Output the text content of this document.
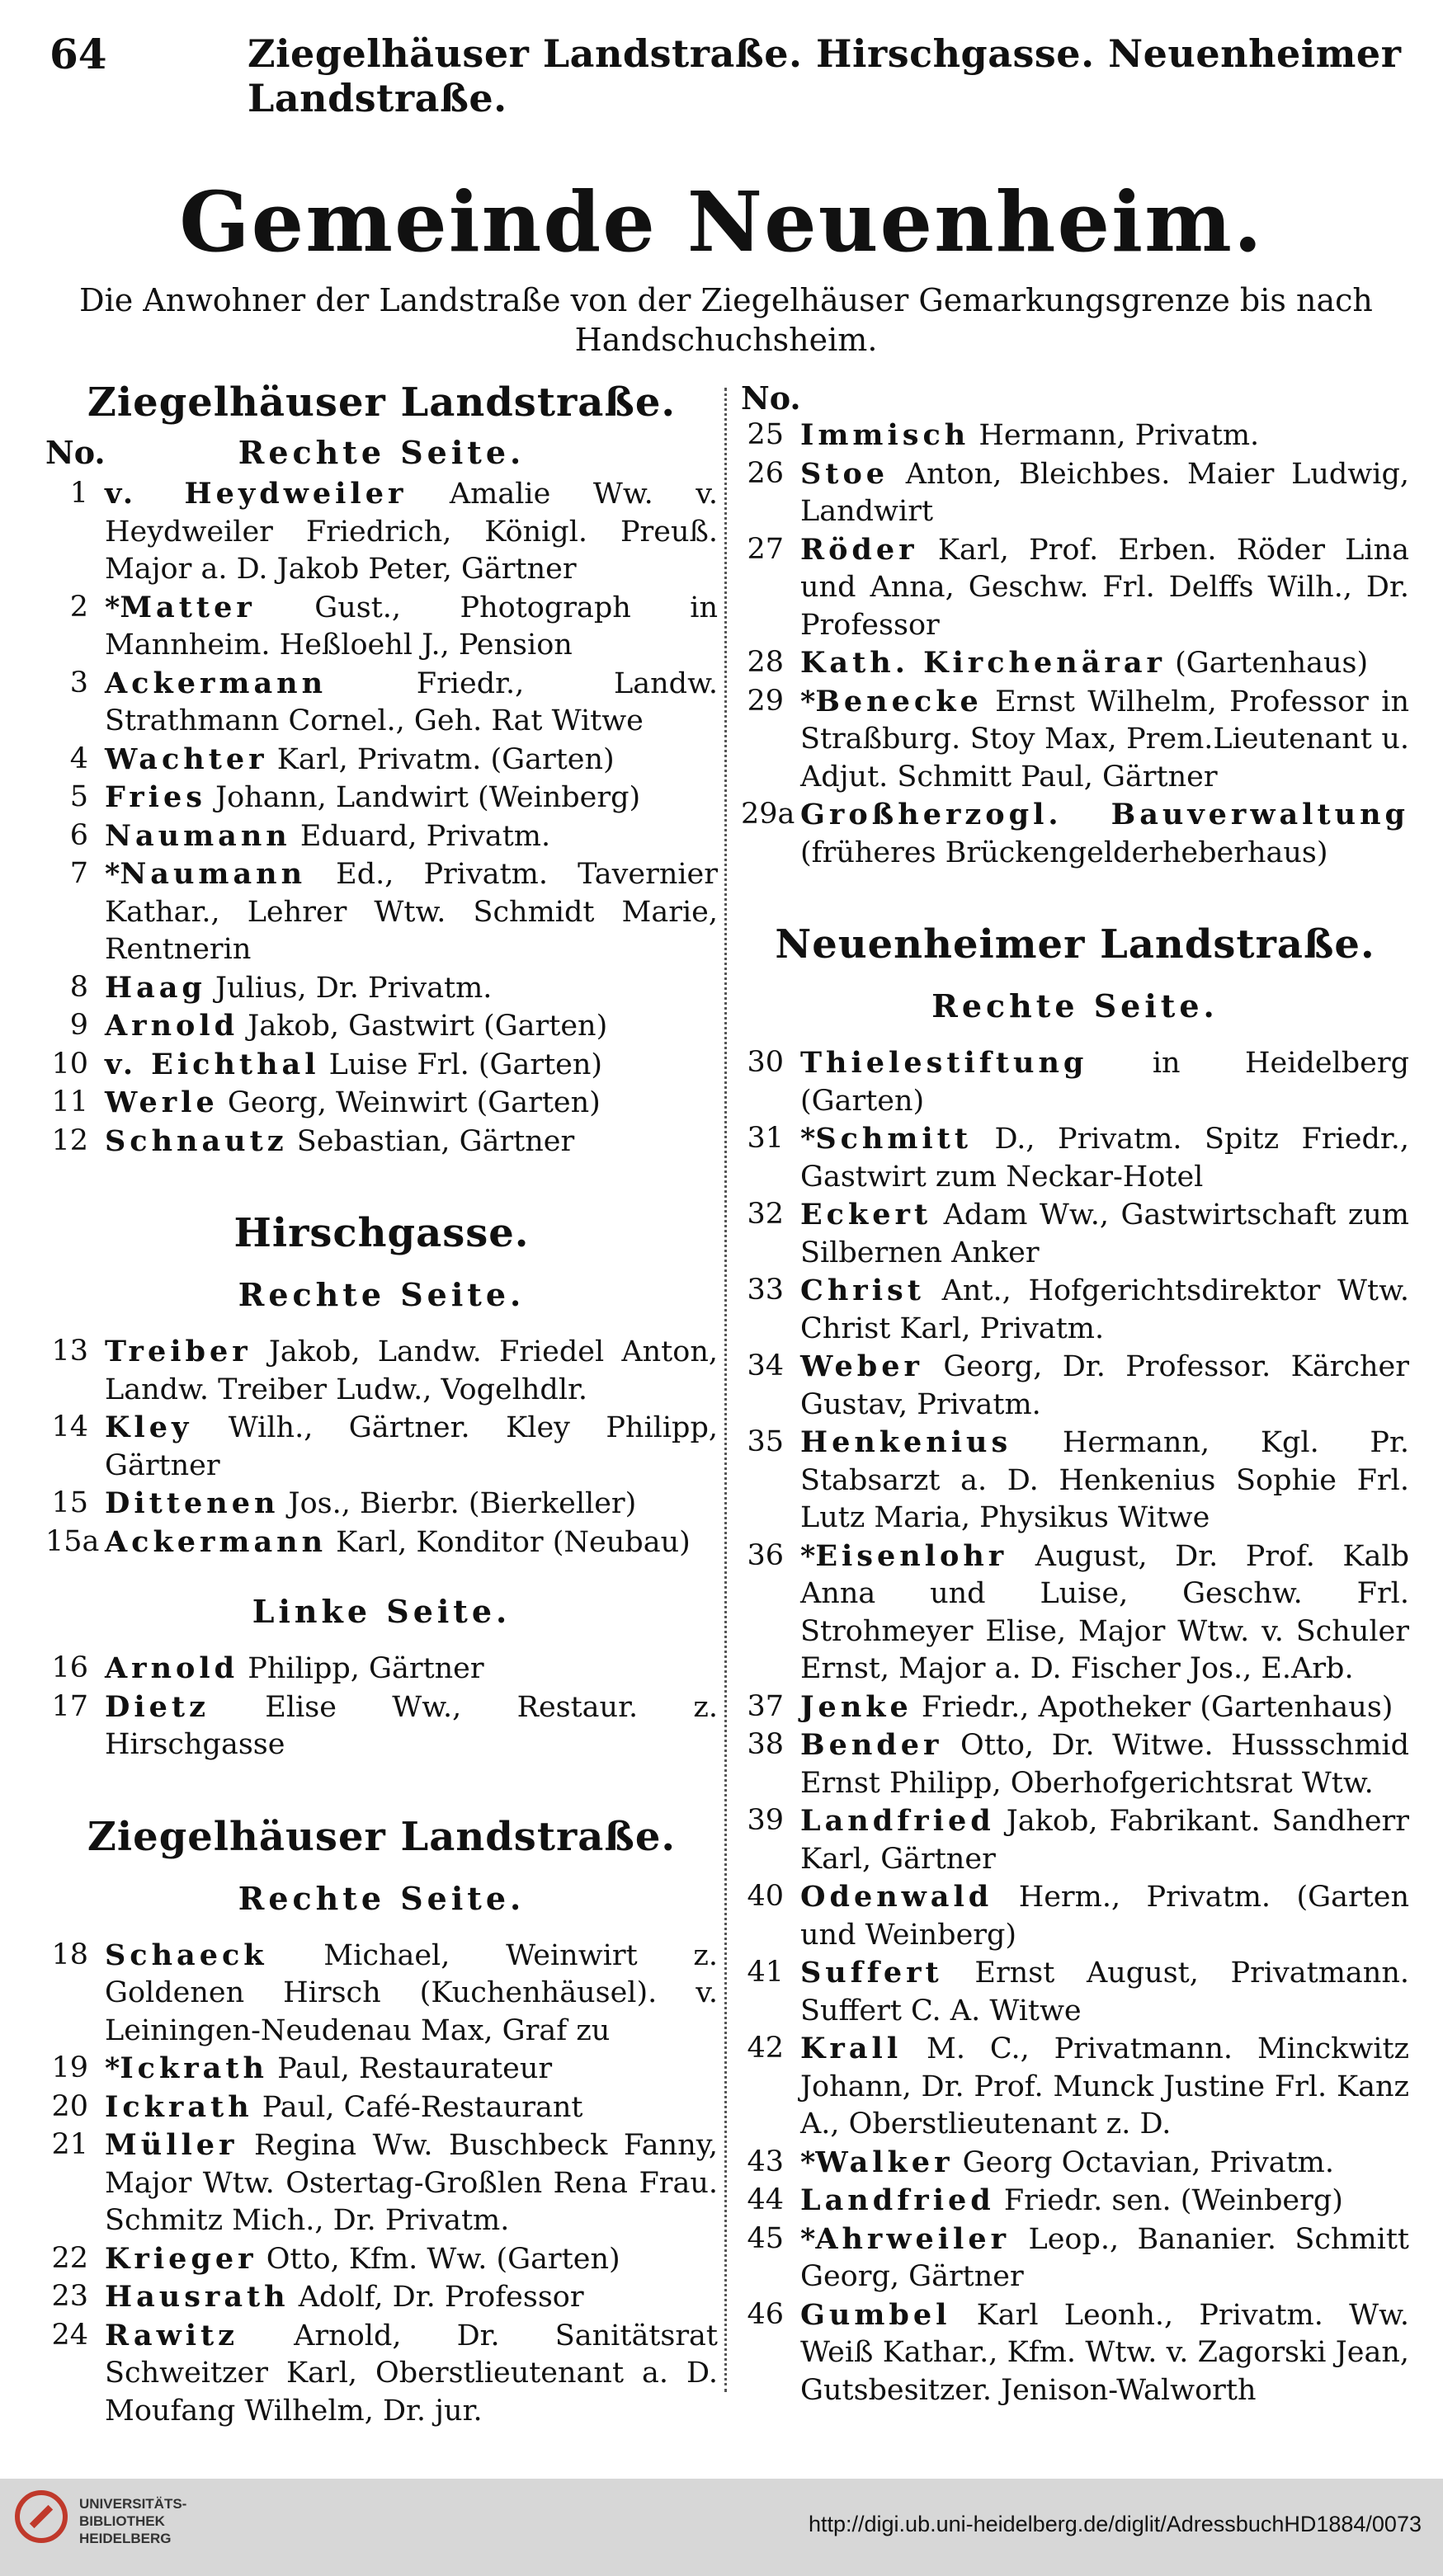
64	Ziegelhäuser Landstraße. Hirschgasse. Neuenheimer Landstraße.
Gemeinde Neuenheim.
Die Anwohner der Landstraße von der Ziegelhäuser Gemarkungsgrenze bis nach Handschuchsheim.
Ziegelhäuser Landstraße.
No.	Rechte Seite.
1 v. Heydweiler Amalie Ww. v. Heydweiler Friedrich, Königl. Preuß. Major a. D. Jakob Peter, Gärtner
2 *Matter Gust., Photograph in Mannheim. Heßloehl J., Pension
3 Ackermann Friedr., Landw. Strathmann Cornel., Geh. Rat Witwe
4 Wachter Karl, Privatm. (Garten)
5 Fries Johann, Landwirt (Weinberg)
6 Naumann Eduard, Privatm.
7 *Naumann Ed., Privatm. Tavernier Kathar., Lehrer Wtw. Schmidt Marie, Rentnerin
8 Haag Julius, Dr. Privatm.
9 Arnold Jakob, Gastwirt (Garten)
10 v. Eichthal Luise Frl. (Garten)
11 Werle Georg, Weinwirt (Garten)
12 Schnautz Sebastian, Gärtner
Hirschgasse.
Rechte Seite.
13 Treiber Jakob, Landw. Friedel Anton, Landw. Treiber Ludw., Vogelhdlr.
14 Kley Wilh., Gärtner. Kley Philipp, Gärtner
15 Dittenen Jos., Bierbr. (Bierkeller)
15a Ackermann Karl, Konditor (Neubau)
Linke Seite.
16 Arnold Philipp, Gärtner
17 Dietz Elise Ww., Restaur. z. Hirschgasse
Ziegelhäuser Landstraße.
Rechte Seite.
18 Schaeck Michael, Weinwirt z. Goldenen Hirsch (Kuchenhäusel). v. Leiningen-Neudenau Max, Graf zu
19 *Ickrath Paul, Restaurateur
20 Ickrath Paul, Café-Restaurant
21 Müller Regina Ww. Buschbeck Fanny, Major Wtw. Ostertag-Großlen Rena Frau. Schmitz Mich., Dr. Privatm.
22 Krieger Otto, Kfm. Ww. (Garten)
23 Hausrath Adolf, Dr. Professor
24 Rawitz Arnold, Dr. Sanitätsrat Schweitzer Karl, Oberstlieutenant a. D. Moufang Wilhelm, Dr. jur.
No.
25 Immisch Hermann, Privatm.
26 Stoe Anton, Bleichbes. Maier Ludwig, Landwirt
27 Röder Karl, Prof. Erben. Röder Lina und Anna, Geschw. Frl. Delffs Wilh., Dr. Professor
28 Kath. Kirchenärar (Gartenhaus)
29 *Benecke Ernst Wilhelm, Professor in Straßburg. Stoy Max, Prem.Lieutenant u. Adjut. Schmitt Paul, Gärtner
29a Großherzogl. Bauverwaltung (früheres Brückengelderheberhaus)
Neuenheimer Landstraße.
Rechte Seite.
30 Thielestiftung in Heidelberg (Garten)
31 *Schmitt D., Privatm. Spitz Friedr., Gastwirt zum Neckar-Hotel
32 Eckert Adam Ww., Gastwirtschaft zum Silbernen Anker
33 Christ Ant., Hofgerichtsdirektor Wtw. Christ Karl, Privatm.
34 Weber Georg, Dr. Professor. Kärcher Gustav, Privatm.
35 Henkenius Hermann, Kgl. Pr. Stabsarzt a. D. Henkenius Sophie Frl. Lutz Maria, Physikus Witwe
36 *Eisenlohr August, Dr. Prof. Kalb Anna und Luise, Geschw. Frl. Strohmeyer Elise, Major Wtw. v. Schuler Ernst, Major a. D. Fischer Jos., E.Arb.
37 Jenke Friedr., Apotheker (Gartenhaus)
38 Bender Otto, Dr. Witwe. Hussschmid Ernst Philipp, Oberhofgerichtsrat Wtw.
39 Landfried Jakob, Fabrikant. Sandherr Karl, Gärtner
40 Odenwald Herm., Privatm. (Garten und Weinberg)
41 Suffert Ernst August, Privatmann. Suffert C. A. Witwe
42 Krall M. C., Privatmann. Minckwitz Johann, Dr. Prof. Munck Justine Frl. Kanz A., Oberstlieutenant z. D.
43 *Walker Georg Octavian, Privatm.
44 Landfried Friedr. sen. (Weinberg)
45 *Ahrweiler Leop., Bananier. Schmitt Georg, Gärtner
46 Gumbel Karl Leonh., Privatm. Ww. Weiß Kathar., Kfm. Wtw. v. Zagorski Jean, Gutsbesitzer. Jenison-Walworth
UNIVERSITÄTS-
BIBLIOTHEK
HEIDELBERG
http://digi.ub.uni-heidelberg.de/diglit/AdressbuchHD1884/0073
